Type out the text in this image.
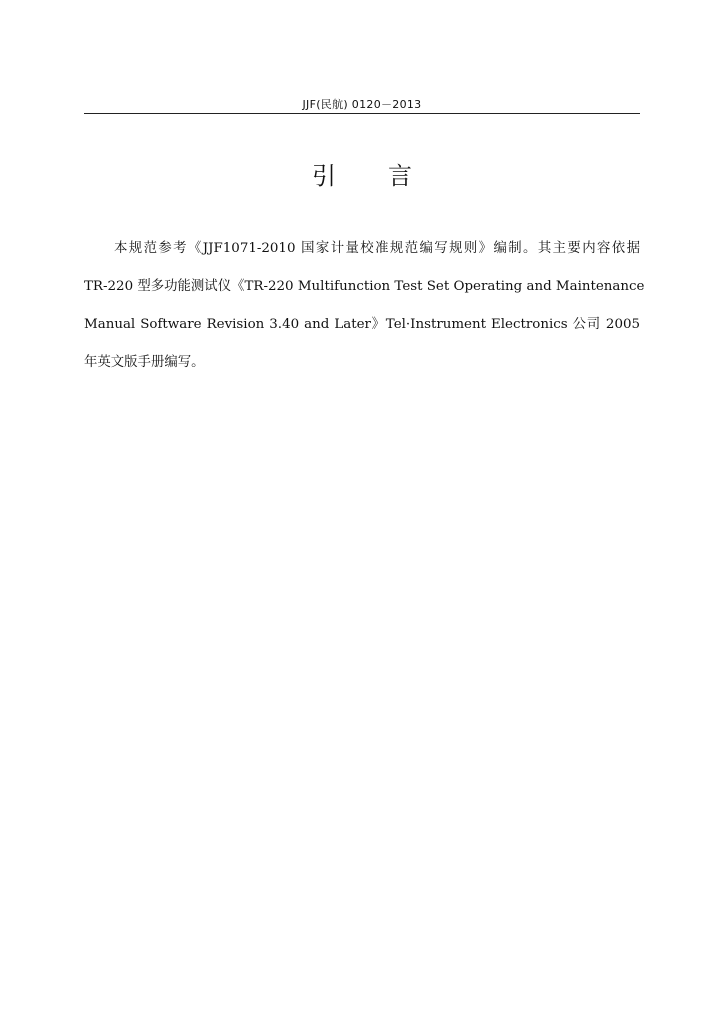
JJF(民航) 0120－2013
引 言
本规范参考《JJF1071-2010 国家计量校准规范编写规则》编制。其主要内容依据
TR-220 型多功能测试仪《TR-220 Multifunction Test Set Operating and Maintenance
Manual Software Revision 3.40 and Later》Tel·Instrument Electronics 公司 2005
年英文版手册编写。
